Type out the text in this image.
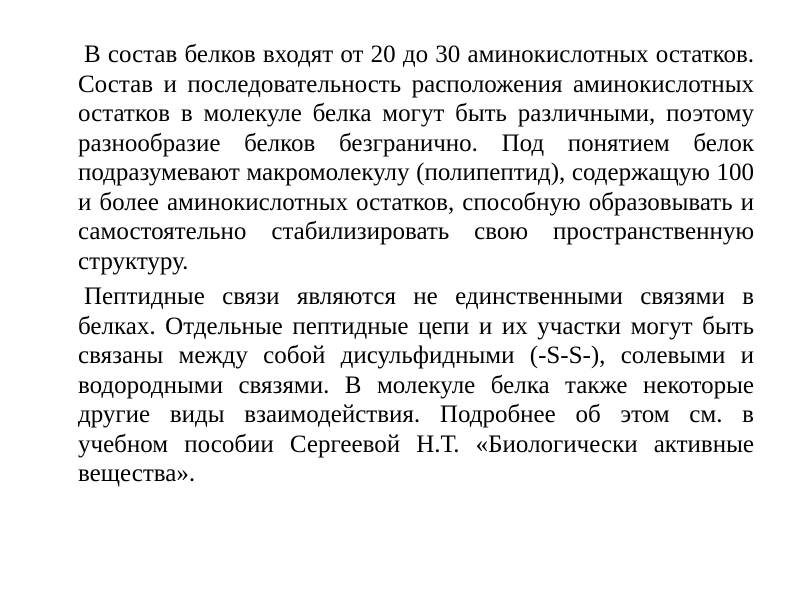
В состав белков входят от 20 до 30 аминокислотных остатков. Состав и последовательность расположения аминокислотных остатков в молекуле белка могут быть различными, поэтому разнообразие белков безгранично. Под понятием белок подразумевают макромолекулу (полипептид), содержащую 100 и более аминокислотных остатков, способную образовывать и самостоятельно стабилизировать свою пространственную структуру.

Пептидные связи являются не единственными связями в белках. Отдельные пептидные цепи и их участки могут быть связаны между собой дисульфидными (-S-S-), солевыми и водородными связями. В молекуле белка также некоторые другие виды взаимодействия. Подробнее об этом см. в учебном пособии Сергеевой Н.Т. «Биологически активные вещества».
